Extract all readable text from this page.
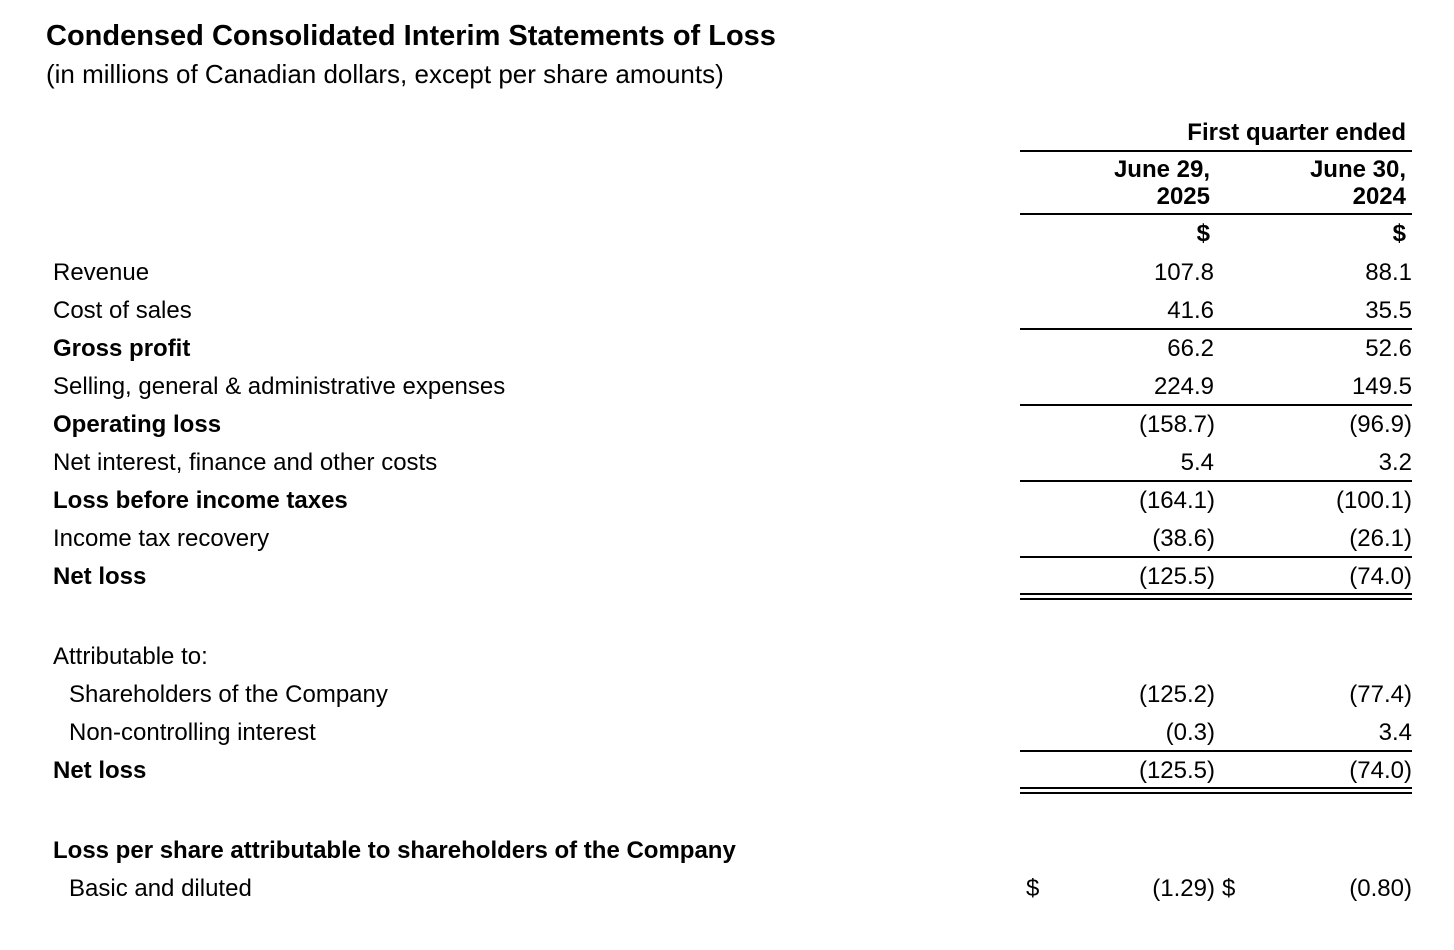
Condensed Consolidated Interim Statements of Loss
(in millions of Canadian dollars, except per share amounts)
First quarter ended
June 29,
2025
June 30,
2024
$	$
Revenue	107.8	88.1
Cost of sales	41.6	35.5
Gross profit	66.2	52.6
Selling, general & administrative expenses	224.9	149.5
Operating loss	(158.7)	(96.9)
Net interest, finance and other costs	5.4	3.2
Loss before income taxes	(164.1)	(100.1)
Income tax recovery	(38.6)	(26.1)
Net loss	(125.5)	(74.0)
Attributable to:
Shareholders of the Company	(125.2)	(77.4)
Non-controlling interest	(0.3)	3.4
Net loss	(125.5)	(74.0)
Loss per share attributable to shareholders of the Company
Basic and diluted	$	(1.29) $	(0.80)
